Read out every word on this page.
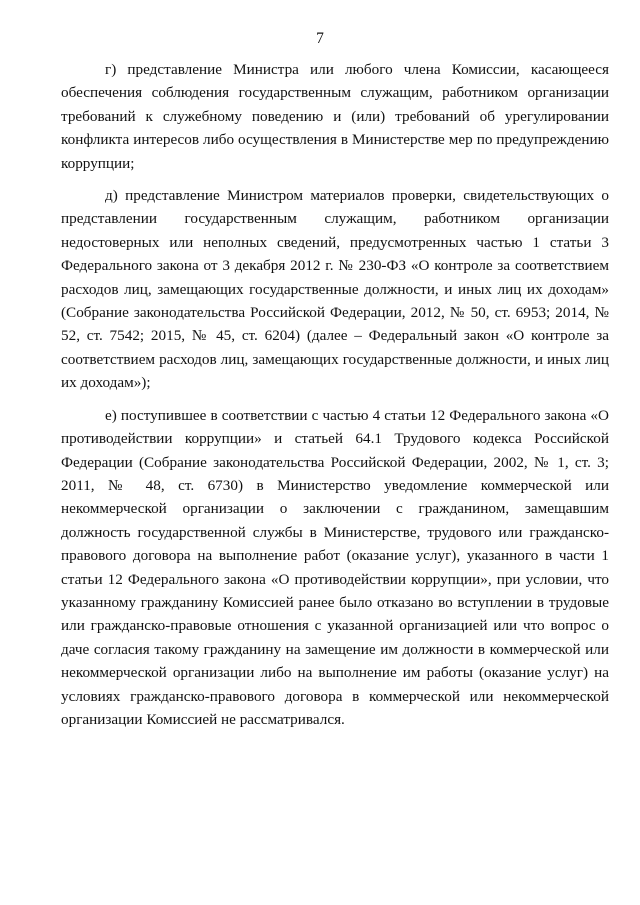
7

г) представление Министра или любого члена Комиссии, касающееся обеспечения соблюдения государственным служащим, работником организации требований к служебному поведению и (или) требований об урегулировании конфликта интересов либо осуществления в Министерстве мер по предупреждению коррупции;

д) представление Министром материалов проверки, свидетельствующих о представлении государственным служащим, работником организации недостоверных или неполных сведений, предусмотренных частью 1 статьи 3 Федерального закона от 3 декабря 2012 г. № 230-ФЗ «О контроле за соответствием расходов лиц, замещающих государственные должности, и иных лиц их доходам» (Собрание законодательства Российской Федерации, 2012, № 50, ст. 6953; 2014, № 52, ст. 7542; 2015, № 45, ст. 6204) (далее – Федеральный закон «О контроле за соответствием расходов лиц, замещающих государственные должности, и иных лиц их доходам»);

е) поступившее в соответствии с частью 4 статьи 12 Федерального закона «О противодействии коррупции» и статьей 64.1 Трудового кодекса Российской Федерации (Собрание законодательства Российской Федерации, 2002, № 1, ст. 3; 2011, № 48, ст. 6730) в Министерство уведомление коммерческой или некоммерческой организации о заключении с гражданином, замещавшим должность государственной службы в Министерстве, трудового или гражданско-правового договора на выполнение работ (оказание услуг), указанного в части 1 статьи 12 Федерального закона «О противодействии коррупции», при условии, что указанному гражданину Комиссией ранее было отказано во вступлении в трудовые или гражданско-правовые отношения с указанной организацией или что вопрос о даче согласия такому гражданину на замещение им должности в коммерческой или некоммерческой организации либо на выполнение им работы (оказание услуг) на условиях гражданско-правового договора в коммерческой или некоммерческой организации Комиссией не рассматривался.
